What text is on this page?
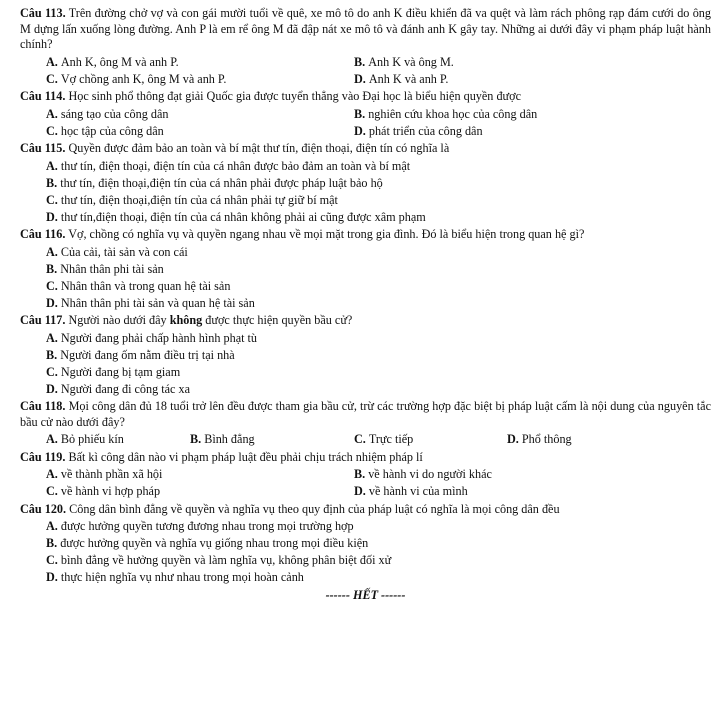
Câu 113. Trên đường chở vợ và con gái mười tuổi về quê, xe mô tô do anh K điều khiển đã va quệt và làm rách phông rạp đám cưới do ông M dựng lấn xuống lòng đường. Anh P là em rể ông M đã đập nát xe mô tô và đánh anh K gây tay. Những ai dưới đây vi phạm pháp luật hành chính?

A. Anh K, ông M và anh P.	B. Anh K và ông M.
C. Vợ chồng anh K, ông M và anh P.	D. Anh K và anh P.

Câu 114. Học sinh phổ thông đạt giải Quốc gia được tuyển thẳng vào Đại học là biểu hiện quyền được

A. sáng tạo của công dân	B. nghiên cứu khoa học của công dân
C. học tập của công dân	D. phát triển của công dân

Câu 115. Quyền được đảm bảo an toàn và bí mật thư tín, điện thoại, điện tín có nghĩa là

A. thư tín, điện thoại, điện tín của cá nhân được bảo đảm an toàn và bí mật
B. thư tín, điện thoại,điện tín của cá nhân phải được pháp luật bảo hộ
C. thư tín, điện thoại,điện tín của cá nhân phải tự giữ bí mật
D. thư tín,điện thoại, điện tín của cá nhân không phải ai cũng được xâm phạm

Câu 116. Vợ, chồng có nghĩa vụ và quyền ngang nhau về mọi mặt trong gia đình. Đó là biểu hiện trong quan hệ gì?

A. Của cải, tài sản và con cái
B. Nhân thân phi tài sản
C. Nhân thân và trong quan hệ tài sản
D. Nhân thân phi tài sản và quan hệ tài sản

Câu 117. Người nào dưới đây không được thực hiện quyền bầu cử?

A. Người đang phải chấp hành hình phạt tù
B. Người đang ốm nằm điều trị tại nhà
C. Người đang bị tạm giam
D. Người đang đi công tác xa

Câu 118. Mọi công dân đủ 18 tuổi trở lên đều được tham gia bầu cử, trừ các trường hợp đặc biệt bị pháp luật cấm là nội dung của nguyên tắc bầu cử nào dưới đây?

A. Bỏ phiếu kín	B. Bình đẳng	C. Trực tiếp	D. Phổ thông

Câu 119. Bất kì công dân nào vi phạm pháp luật đều phải chịu trách nhiệm pháp lí

A. về thành phần xã hội	B. về hành vi do người khác
C. về hành vi hợp pháp	D. về hành vi của mình

Câu 120. Công dân bình đẳng về quyền và nghĩa vụ theo quy định của pháp luật có nghĩa là mọi công dân đều

A. được hưởng quyền tương đương nhau trong mọi trường hợp
B. được hưởng quyền và nghĩa vụ giống nhau trong mọi điều kiện
C. bình đẳng về hưởng quyền và làm nghĩa vụ, không phân biệt đối xử
D. thực hiện nghĩa vụ như nhau trong mọi hoàn cảnh
------ HẾT ------
